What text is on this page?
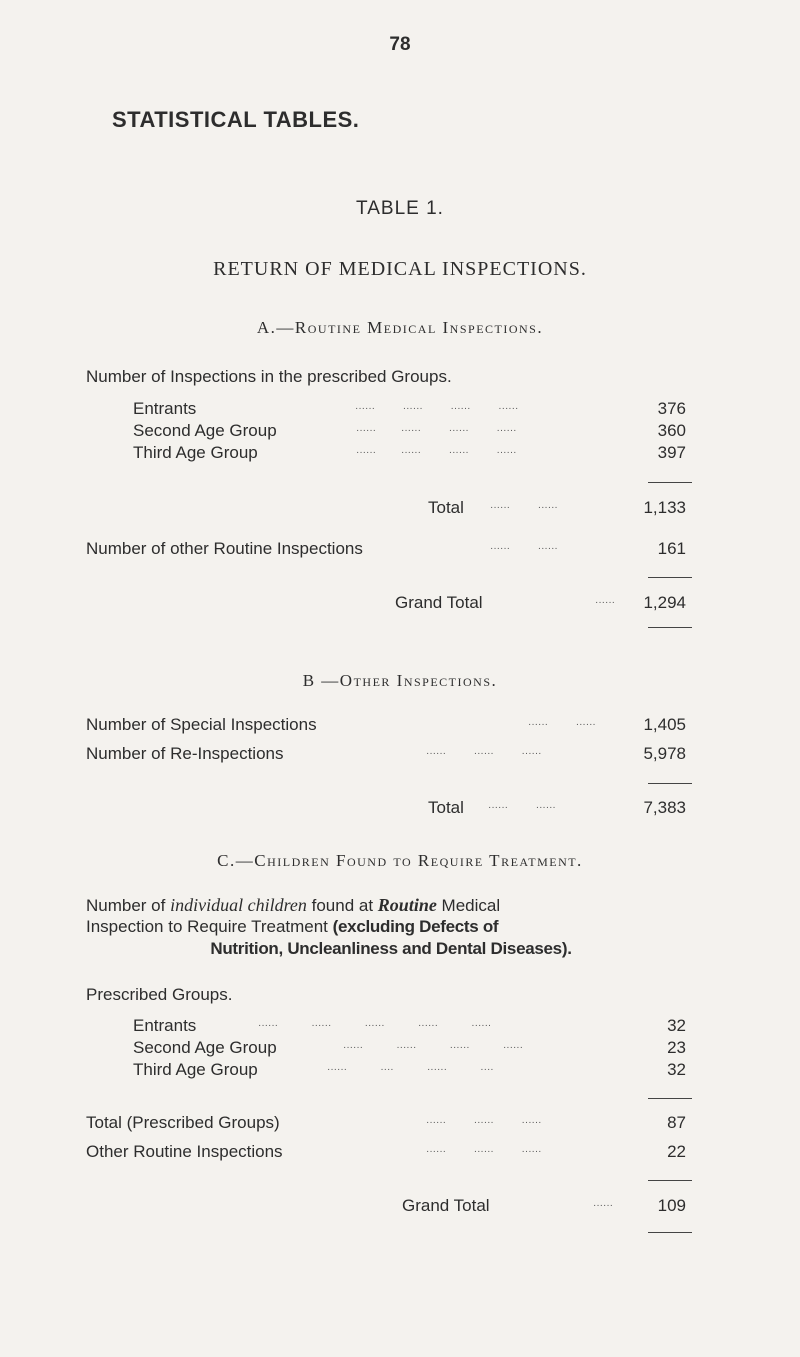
78
STATISTICAL TABLES.
TABLE 1.
RETURN OF MEDICAL INSPECTIONS.
A.—Routine Medical Inspections.
Number of Inspections in the prescribed Groups.
Entrants	······          ······          ······          ······	376
Second Age Group	······         ······          ······          ······	360
Third Age Group	······         ······          ······          ······	397
Total	······          ······	1,133
Number of other Routine Inspections	······          ······	161
Grand Total	······ 1,294
B —Other Inspections.
Number of Special Inspections	······          ······	1,405
Number of Re-Inspections	······          ······          ······	5,978
Total ······          ······	7,383
C.—Children Found to Require Treatment.
Number of individual children found at Routine Medical
Inspection to Require Treatment (excluding Defects of
Nutrition, Uncleanliness and Dental Diseases).
Prescribed Groups.
Entrants	······            ······            ······            ······            ······	32
Second Age Group	······            ······            ······            ······	23
Third Age Group	······            ····            ······            ····	32
Total (Prescribed Groups)	······          ······          ······	87
Other Routine Inspections	······          ······          ······	22
Grand Total	······	109
